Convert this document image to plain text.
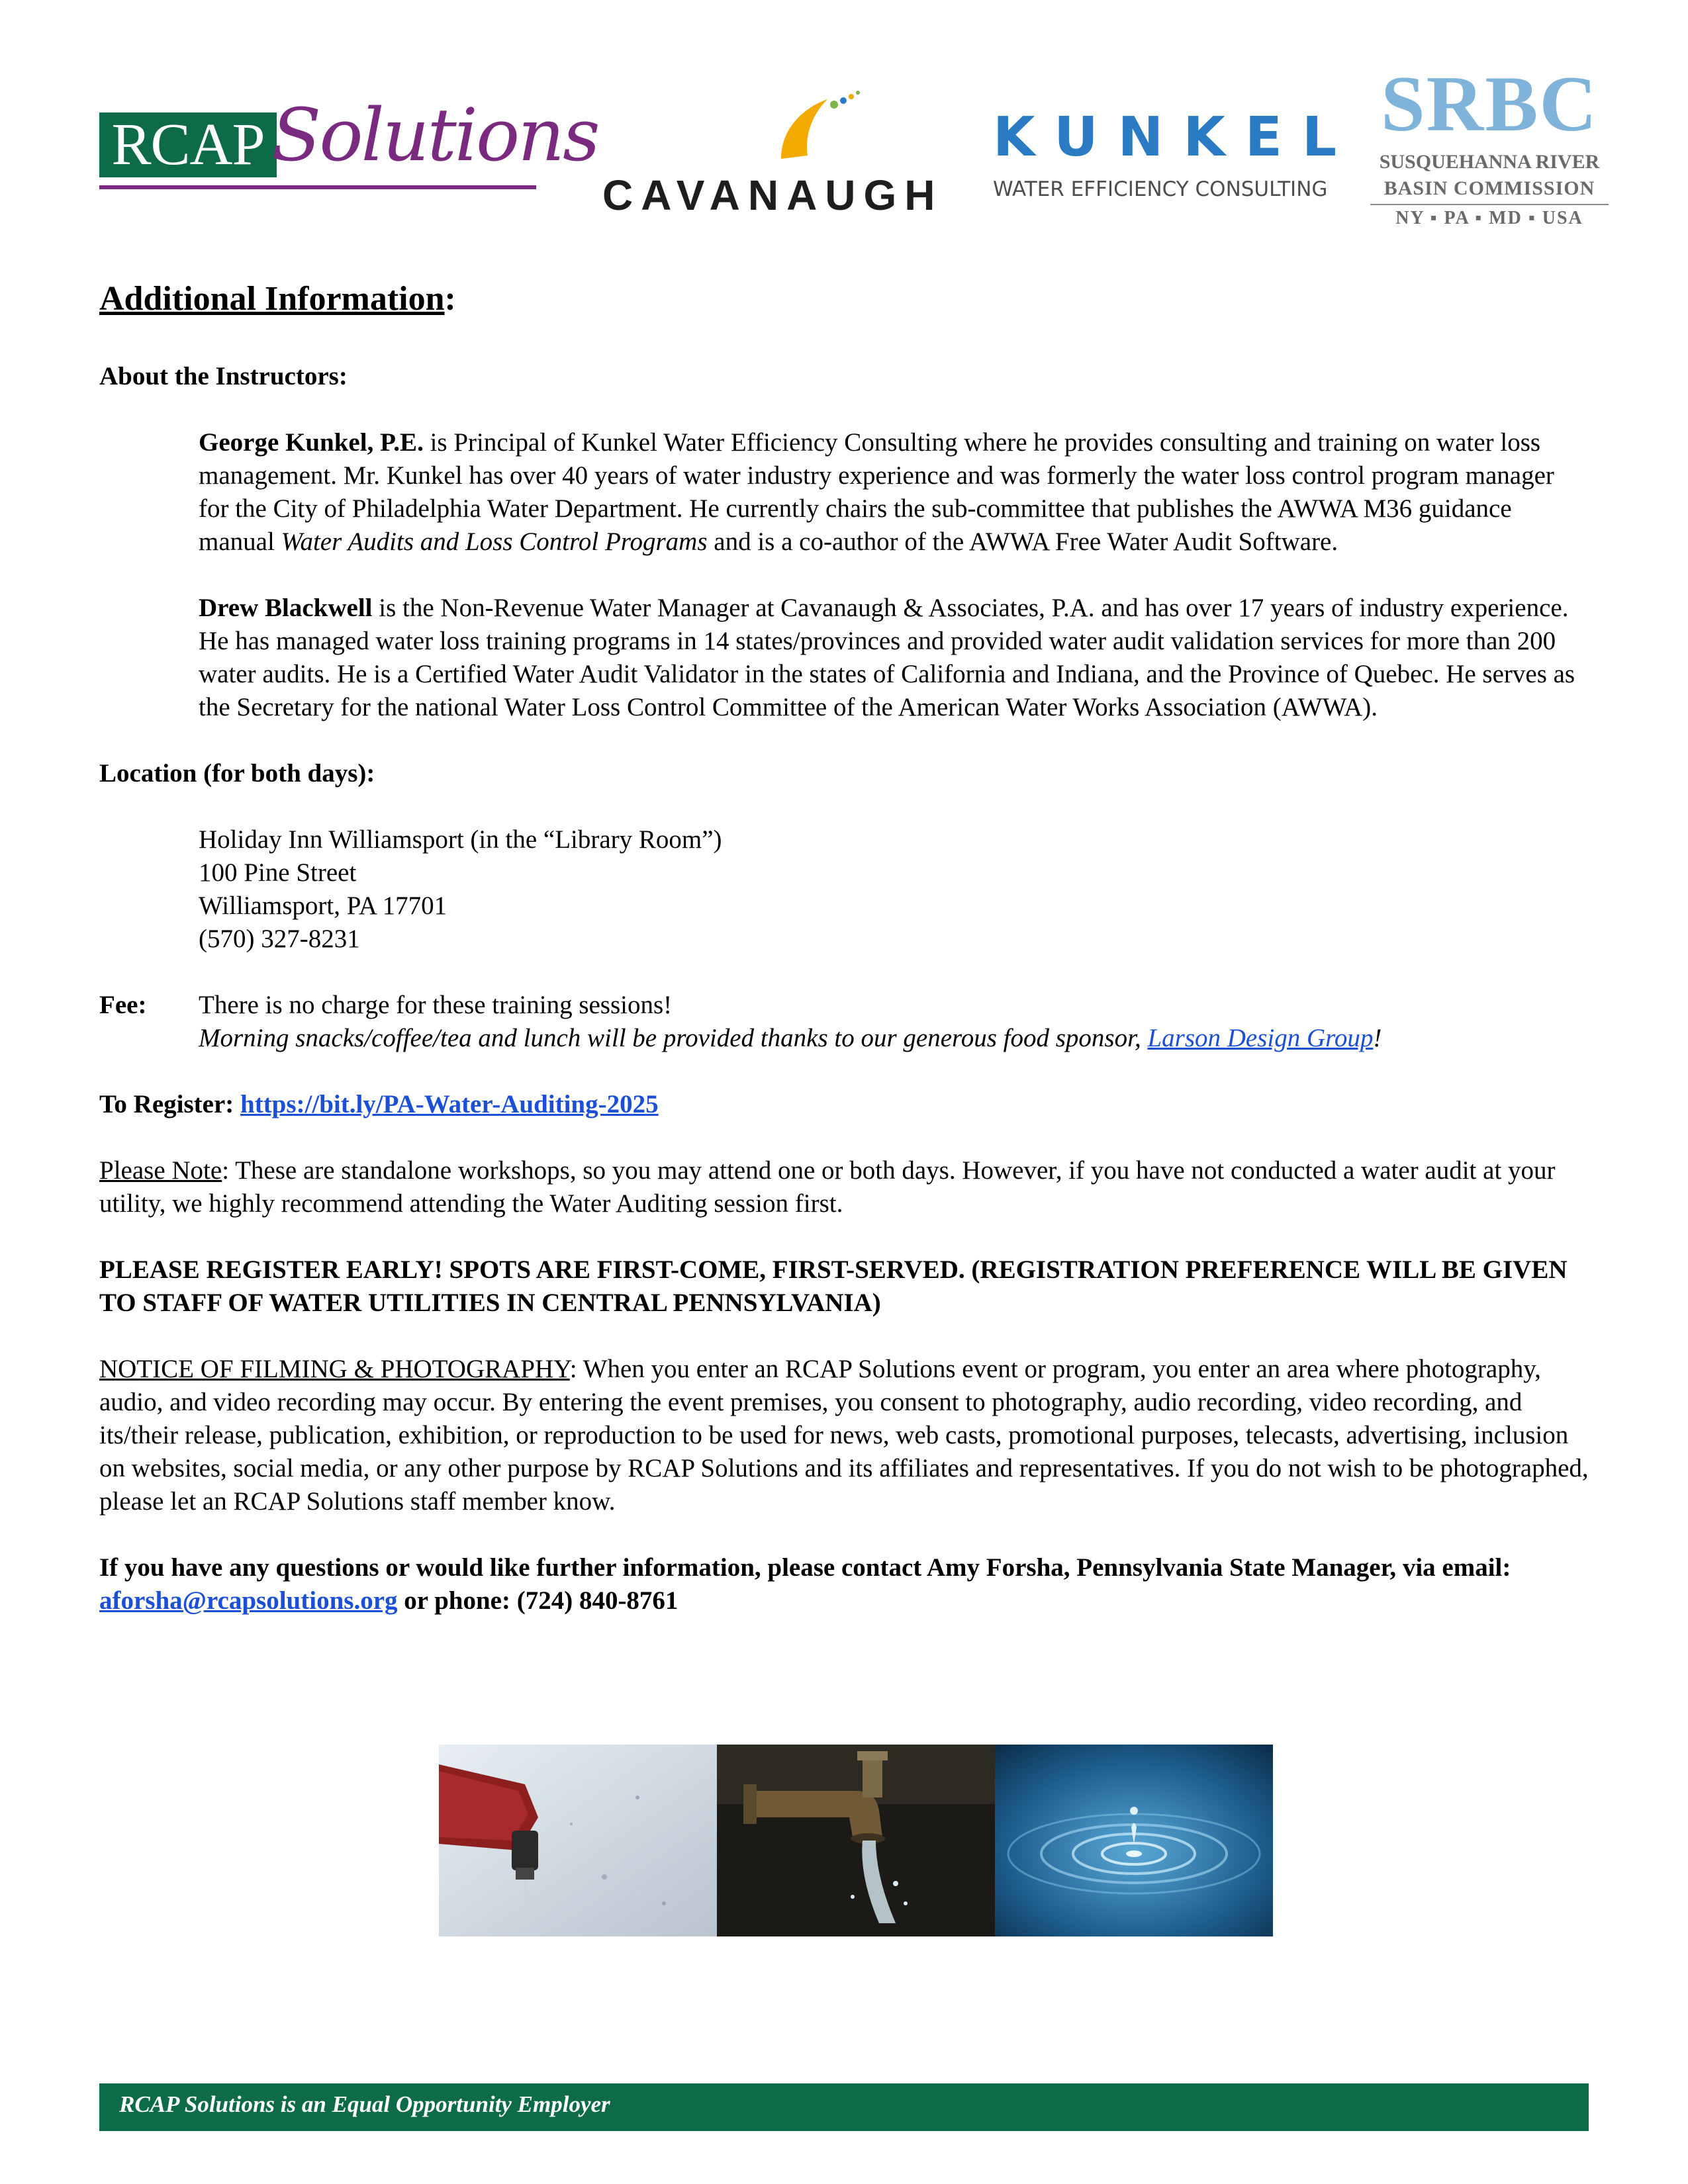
RCAP Solutions
CAVANAUGH
KUNKEL
WATER EFFICIENCY CONSULTING
SRBC
SUSQUEHANNA RIVER
BASIN COMMISSION
NY ▪ PA ▪ MD ▪ USA

Additional Information:

About the Instructors:

George Kunkel, P.E. is Principal of Kunkel Water Efficiency Consulting where he provides consulting and training on water loss management. Mr. Kunkel has over 40 years of water industry experience and was formerly the water loss control program manager for the City of Philadelphia Water Department. He currently chairs the sub-committee that publishes the AWWA M36 guidance manual Water Audits and Loss Control Programs and is a co-author of the AWWA Free Water Audit Software.

Drew Blackwell is the Non-Revenue Water Manager at Cavanaugh & Associates, P.A. and has over 17 years of industry experience. He has managed water loss training programs in 14 states/provinces and provided water audit validation services for more than 200 water audits. He is a Certified Water Audit Validator in the states of California and Indiana, and the Province of Quebec. He serves as the Secretary for the national Water Loss Control Committee of the American Water Works Association (AWWA).

Location (for both days):

Holiday Inn Williamsport (in the “Library Room”)

100 Pine Street

Williamsport, PA 17701

(570) 327-8231

Fee:	There is no charge for these training sessions!

Morning snacks/coffee/tea and lunch will be provided thanks to our generous food sponsor, Larson Design Group!

To Register: https://bit.ly/PA-Water-Auditing-2025

Please Note: These are standalone workshops, so you may attend one or both days. However, if you have not conducted a water audit at your utility, we highly recommend attending the Water Auditing session first.

PLEASE REGISTER EARLY! SPOTS ARE FIRST-COME, FIRST-SERVED. (REGISTRATION PREFERENCE WILL BE GIVEN TO STAFF OF WATER UTILITIES IN CENTRAL PENNSYLVANIA)

NOTICE OF FILMING & PHOTOGRAPHY: When you enter an RCAP Solutions event or program, you enter an area where photography, audio, and video recording may occur. By entering the event premises, you consent to photography, audio recording, video recording, and its/their release, publication, exhibition, or reproduction to be used for news, web casts, promotional purposes, telecasts, advertising, inclusion on websites, social media, or any other purpose by RCAP Solutions and its affiliates and representatives. If you do not wish to be photographed, please let an RCAP Solutions staff member know.

If you have any questions or would like further information, please contact Amy Forsha, Pennsylvania State Manager, via email: aforsha@rcapsolutions.org or phone: (724) 840-8761

RCAP Solutions is an Equal Opportunity Employer
